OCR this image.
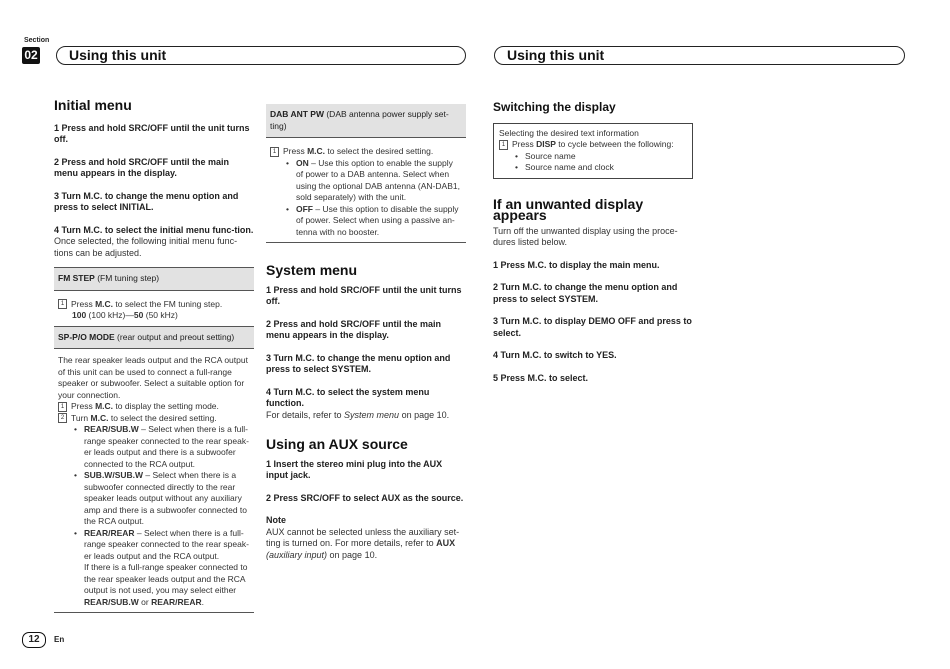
Section
02	Using this unit	Using this unit
Initial menu

1 Press and hold SRC/OFF until the unit turns off.

2 Press and hold SRC/OFF until the main menu appears in the display.

3 Turn M.C. to change the menu option and press to select INITIAL.

4 Turn M.C. to select the initial menu func-tion.

Once selected, the following initial menu func-tions can be adjusted.
FM STEP (FM tuning step)
1 Press M.C. to select the FM tuning step.
100 (100 kHz)—50 (50 kHz)
SP-P/O MODE (rear output and preout setting)
The rear speaker leads output and the RCA output of this unit can be used to connect a full-range speaker or subwoofer. Select a suitable option for your connection.
1 Press M.C. to display the setting mode.
2 Turn M.C. to select the desired setting.
• REAR/SUB.W – Select when there is a full-range speaker connected to the rear speak-er leads output and there is a subwoofer connected to the RCA output.
• SUB.W/SUB.W – Select when there is a subwoofer connected directly to the rear speaker leads output without any auxiliary amp and there is a subwoofer connected to the RCA output.
• REAR/REAR – Select when there is a full-range speaker connected to the rear speak-er leads output and the RCA output.
If there is a full-range speaker connected to the rear speaker leads output and the RCA output is not used, you may select either REAR/SUB.W or REAR/REAR.
DAB ANT PW (DAB antenna power supply set-ting)
1 Press M.C. to select the desired setting.
• ON – Use this option to enable the supply of power to a DAB antenna. Select when using the optional DAB antenna (AN-DAB1, sold separately) with the unit.
• OFF – Use this option to disable the supply of power. Select when using a passive an-tenna with no booster.
System menu

1 Press and hold SRC/OFF until the unit turns off.

2 Press and hold SRC/OFF until the main menu appears in the display.

3 Turn M.C. to change the menu option and press to select SYSTEM.

4 Turn M.C. to select the system menu function.

For details, refer to System menu on page 10.
Using an AUX source

1 Insert the stereo mini plug into the AUX input jack.

2 Press SRC/OFF to select AUX as the source.

Note

AUX cannot be selected unless the auxiliary set-ting is turned on. For more details, refer to AUX (auxiliary input) on page 10.
Switching the display
Selecting the desired text information
1 Press DISP to cycle between the following:
• Source name
• Source name and clock
If an unwanted display appears
Turn off the unwanted display using the proce-dures listed below.

1 Press M.C. to display the main menu.

2 Turn M.C. to change the menu option and press to select SYSTEM.

3 Turn M.C. to display DEMO OFF and press to select.

4 Turn M.C. to switch to YES.

5 Press M.C. to select.

12	En
